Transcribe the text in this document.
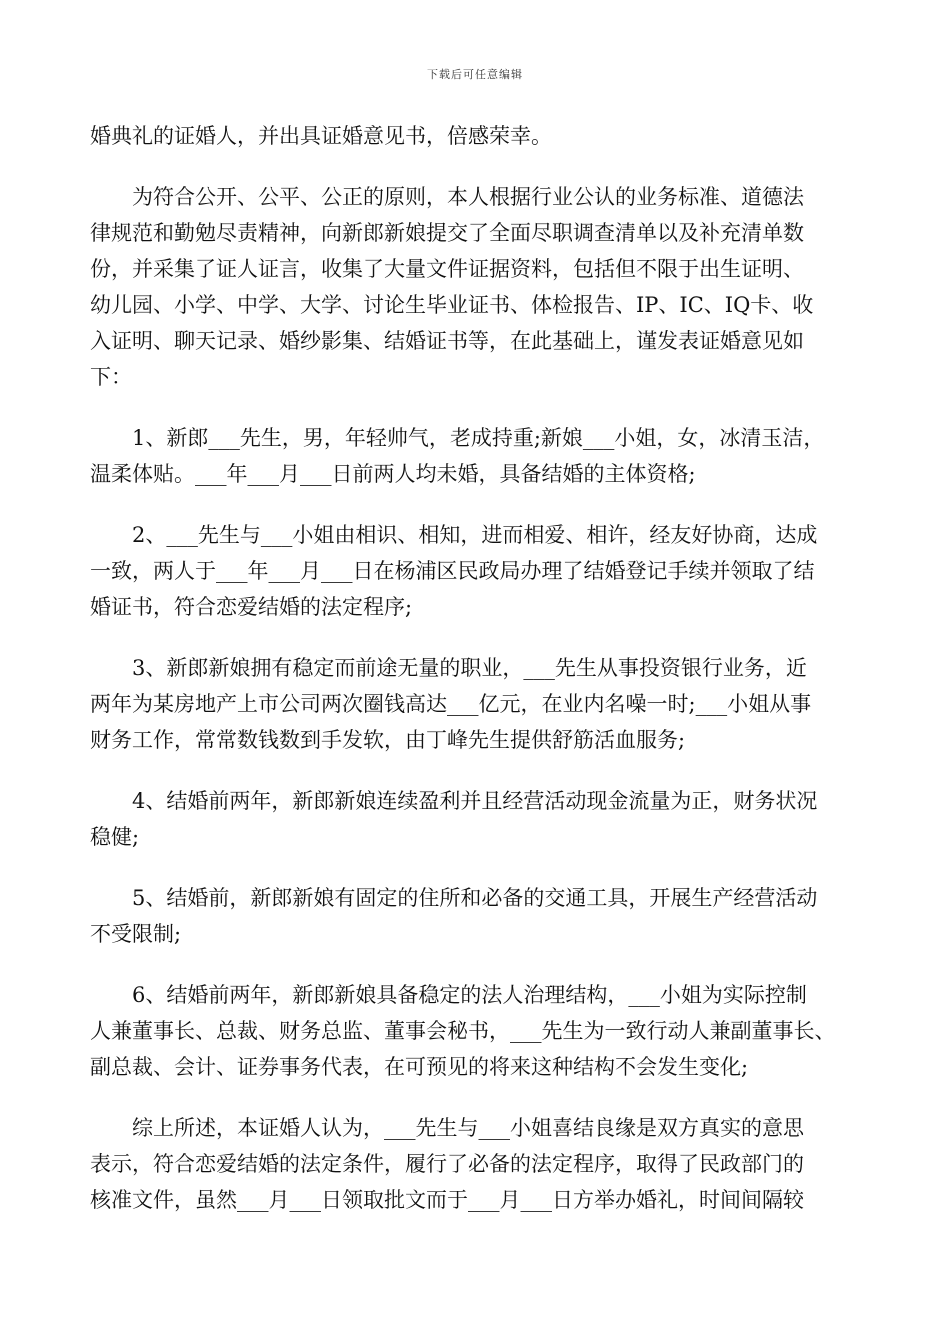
下载后可任意编辑

婚典礼的证婚人，并出具证婚意见书，倍感荣幸。

　　为符合公开、公平、公正的原则，本人根据行业公认的业务标准、道德法
律规范和勤勉尽责精神，向新郎新娘提交了全面尽职调查清单以及补充清单数
份，并采集了证人证言，收集了大量文件证据资料，包括但不限于出生证明、
幼儿园、小学、中学、大学、讨论生毕业证书、体检报告、IP、IC、IQ卡、收
入证明、聊天记录、婚纱影集、结婚证书等，在此基础上，谨发表证婚意见如
下：

　　1、新郎___先生，男，年轻帅气，老成持重;新娘___小姐，女，冰清玉洁，
温柔体贴。___年___月___日前两人均未婚，具备结婚的主体资格;

　　2、___先生与___小姐由相识、相知，进而相爱、相许，经友好协商，达成
一致，两人于___年___月___日在杨浦区民政局办理了结婚登记手续并领取了结
婚证书，符合恋爱结婚的法定程序;

　　3、新郎新娘拥有稳定而前途无量的职业，___先生从事投资银行业务，近
两年为某房地产上市公司两次圈钱高达___亿元，在业内名噪一时;___小姐从事
财务工作，常常数钱数到手发软，由丁峰先生提供舒筋活血服务;

　　4、结婚前两年，新郎新娘连续盈利并且经营活动现金流量为正，财务状况
稳健;

　　5、结婚前，新郎新娘有固定的住所和必备的交通工具，开展生产经营活动
不受限制;

　　6、结婚前两年，新郎新娘具备稳定的法人治理结构，___小姐为实际控制
人兼董事长、总裁、财务总监、董事会秘书，___先生为一致行动人兼副董事长、
副总裁、会计、证券事务代表，在可预见的将来这种结构不会发生变化;

　　综上所述，本证婚人认为，___先生与___小姐喜结良缘是双方真实的意思
表示，符合恋爱结婚的法定条件，履行了必备的法定程序，取得了民政部门的
核准文件，虽然___月___日领取批文而于___月___日方举办婚礼，时间间隔较
